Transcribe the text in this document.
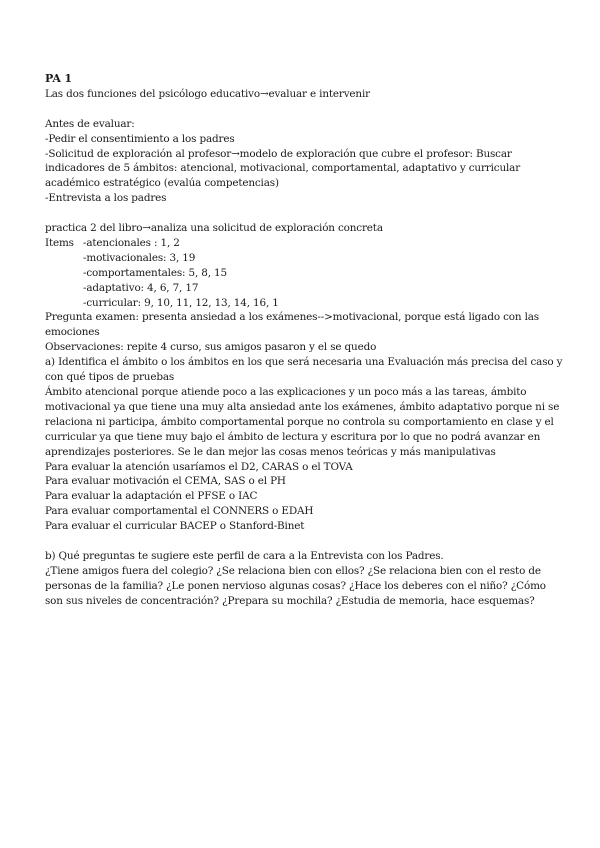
PA 1

Las dos funciones del psicólogo educativo→evaluar e intervenir

Antes de evaluar:

-Pedir el consentimiento a los padres

-Solicitud de exploración al profesor→modelo de exploración que cubre el profesor: Buscar indicadores de 5 ámbitos: atencional, motivacional, comportamental, adaptativo y curricular académico estratégico (evalúa competencias)

-Entrevista a los padres

practica 2 del libro→analiza una solicitud de exploración concreta

Items -atencionales : 1, 2

-motivacionales: 3, 19

-comportamentales: 5, 8, 15

-adaptativo: 4, 6, 7, 17

-curricular: 9, 10, 11, 12, 13, 14, 16, 1

Pregunta examen: presenta ansiedad a los exámenes-->motivacional, porque está ligado con las emociones

Observaciones: repite 4 curso, sus amigos pasaron y el se quedo

a) Identifica el ámbito o los ámbitos en los que será necesaria una Evaluación más precisa del caso y con qué tipos de pruebas

Ámbito atencional porque atiende poco a las explicaciones y un poco más a las tareas, ámbito motivacional ya que tiene una muy alta ansiedad ante los exámenes, ámbito adaptativo porque ni se relaciona ni participa, ámbito comportamental porque no controla su comportamiento en clase y el curricular ya que tiene muy bajo el ámbito de lectura y escritura por lo que no podrá avanzar en aprendizajes posteriores. Se le dan mejor las cosas menos teóricas y más manipulativas

Para evaluar la atención usaríamos el D2, CARAS o el TOVA

Para evaluar motivación el CEMA, SAS o el PH

Para evaluar la adaptación el PFSE o IAC

Para evaluar comportamental el CONNERS o EDAH

Para evaluar el curricular BACEP o Stanford-Binet

b) Qué preguntas te sugiere este perfil de cara a la Entrevista con los Padres.

¿Tiene amigos fuera del colegio? ¿Se relaciona bien con ellos? ¿Se relaciona bien con el resto de personas de la familia? ¿Le ponen nervioso algunas cosas? ¿Hace los deberes con el niño? ¿Cómo son sus niveles de concentración? ¿Prepara su mochila? ¿Estudia de memoria, hace esquemas?
